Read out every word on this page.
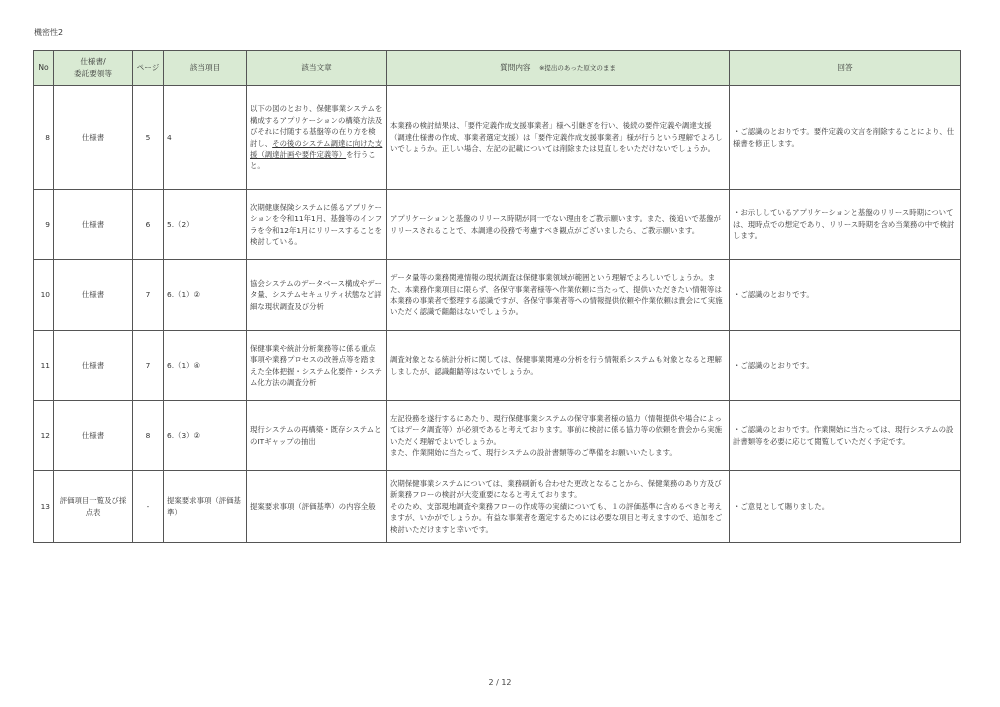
機密性2
No	仕様書/
委託要領等	ページ	該当項目	該当文章	質問内容 ※提出のあった原文のまま	回答
8	仕様書	5	4	以下の図のとおり、保健事業システムを構成するアプリケーションの構築方法及びそれに付随する基盤等の在り方を検討し、その後のシステム調達に向けた支援（調達計画や要件定義等）を行うこと。	本業務の検討結果は、「要件定義作成支援事業者」様へ引継ぎを行い、後続の要件定義や調達支援（調達仕様書の作成、事業者選定支援）は「要件定義作成支援事業者」様が行うという理解でよろしいでしょうか。正しい場合、左記の記載については削除または見直しをいただけないでしょうか。	・ご認識のとおりです。要件定義の文言を削除することにより、仕様書を修正します。
9	仕様書	6	5.（2）	次期健康保険システムに係るアプリケーションを令和11年1月、基盤等のインフラを令和12年1月にリリースすることを検討している。	アプリケーションと基盤のリリース時期が同一でない理由をご教示願います。また、後追いで基盤がリリースされることで、本調達の役務で考慮すべき観点がございましたら、ご教示願います。	・お示ししているアプリケーションと基盤のリリース時期については、現時点での想定であり、リリース時期を含め当業務の中で検討します。
10	仕様書	7	6.（1）②	協会システムのデータベース構成やデータ量、システムセキュリティ状態など詳細な現状調査及び分析	データ量等の業務関連情報の現状調査は保健事業領域が範囲という理解でよろしいでしょうか。また、本業務作業項目に限らず、各保守事業者様等へ作業依頼に当たって、提供いただきたい情報等は本業務の事業者で整理する認識ですが、各保守事業者等への情報提供依頼や作業依頼は貴会にて実施いただく認識で齟齬はないでしょうか。	・ご認識のとおりです。
11	仕様書	7	6.（1）④	保健事業や統計分析業務等に係る重点事項や業務プロセスの改善点等を踏まえた全体把握・システム化要件・システム化方法の調査分析	調査対象となる統計分析に関しては、保健事業関連の分析を行う情報系システムも対象となると理解しましたが、認識齟齬等はないでしょうか。	・ご認識のとおりです。
12	仕様書	8	6.（3）②	現行システムの再構築・既存システムとのITギャップの抽出	左記役務を遂行するにあたり、現行保健事業システムの保守事業者様の協力（情報提供や場合によってはデータ調査等）が必須であると考えております。事前に検討に係る協力等の依頼を貴会から実施いただく理解でよいでしょうか。
また、作業開始に当たって、現行システムの設計書類等のご準備をお願いいたします。	・ご認識のとおりです。作業開始に当たっては、現行システムの設計書類等を必要に応じて閲覧していただく予定です。
13	評価項目一覧及び採点表	-	提案要求事項（評価基準）	提案要求事項（評価基準）の内容全般	次期保健事業システムについては、業務刷新も合わせた更改となることから、保健業務のあり方及び新業務フローの検討が大変重要になると考えております。
そのため、支部現地調査や業務フローの作成等の実績についても、１の評価基準に含めるべきと考えますが、いかがでしょうか。有益な事業者を選定するためには必要な項目と考えますので、追加をご検討いただけますと幸いです。	・ご意見として賜りました。
2 / 12
